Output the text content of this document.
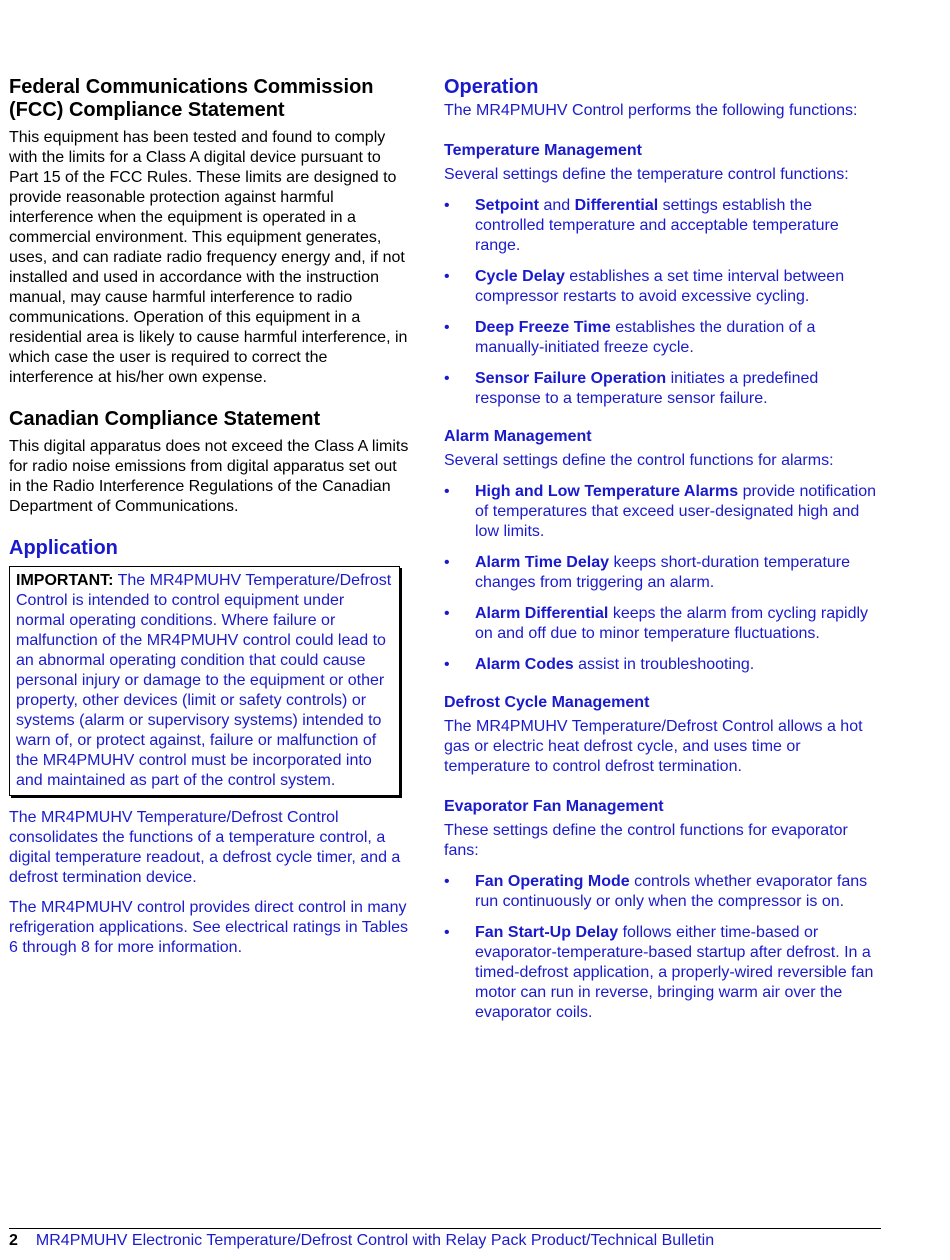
Federal Communications Commission (FCC) Compliance Statement

This equipment has been tested and found to comply with the limits for a Class A digital device pursuant to Part 15 of the FCC Rules. These limits are designed to provide reasonable protection against harmful interference when the equipment is operated in a commercial environment. This equipment generates, uses, and can radiate radio frequency energy and, if not installed and used in accordance with the instruction manual, may cause harmful interference to radio communications. Operation of this equipment in a residential area is likely to cause harmful interference, in which case the user is required to correct the interference at his/her own expense.

Canadian Compliance Statement

This digital apparatus does not exceed the Class A limits for radio noise emissions from digital apparatus set out in the Radio Interference Regulations of the Canadian Department of Communications.

Application

IMPORTANT: The MR4PMUHV Temperature/Defrost Control is intended to control equipment under normal operating conditions. Where failure or malfunction of the MR4PMUHV control could lead to an abnormal operating condition that could cause personal injury or damage to the equipment or other property, other devices (limit or safety controls) or systems (alarm or supervisory systems) intended to warn of, or protect against, failure or malfunction of the MR4PMUHV control must be incorporated into and maintained as part of the control system.

The MR4PMUHV Temperature/Defrost Control consolidates the functions of a temperature control, a digital temperature readout, a defrost cycle timer, and a defrost termination device.

The MR4PMUHV control provides direct control in many refrigeration applications. See electrical ratings in Tables 6 through 8 for more information.

Operation

The MR4PMUHV Control performs the following functions:

Temperature Management

Several settings define the temperature control functions:

• Setpoint and Differential settings establish the controlled temperature and acceptable temperature range.
• Cycle Delay establishes a set time interval between compressor restarts to avoid excessive cycling.
• Deep Freeze Time establishes the duration of a manually-initiated freeze cycle.
• Sensor Failure Operation initiates a predefined response to a temperature sensor failure.
Alarm Management

Several settings define the control functions for alarms:

• High and Low Temperature Alarms provide notification of temperatures that exceed user-designated high and low limits.
• Alarm Time Delay keeps short-duration temperature changes from triggering an alarm.
• Alarm Differential keeps the alarm from cycling rapidly on and off due to minor temperature fluctuations.
• Alarm Codes assist in troubleshooting.
Defrost Cycle Management

The MR4PMUHV Temperature/Defrost Control allows a hot gas or electric heat defrost cycle, and uses time or temperature to control defrost termination.

Evaporator Fan Management

These settings define the control functions for evaporator fans:

• Fan Operating Mode controls whether evaporator fans run continuously or only when the compressor is on.
• Fan Start-Up Delay follows either time-based or evaporator-temperature-based startup after defrost. In a timed-defrost application, a properly-wired reversible fan motor can run in reverse, bringing warm air over the evaporator coils.
2 MR4PMUHV Electronic Temperature/Defrost Control with Relay Pack Product/Technical Bulletin
